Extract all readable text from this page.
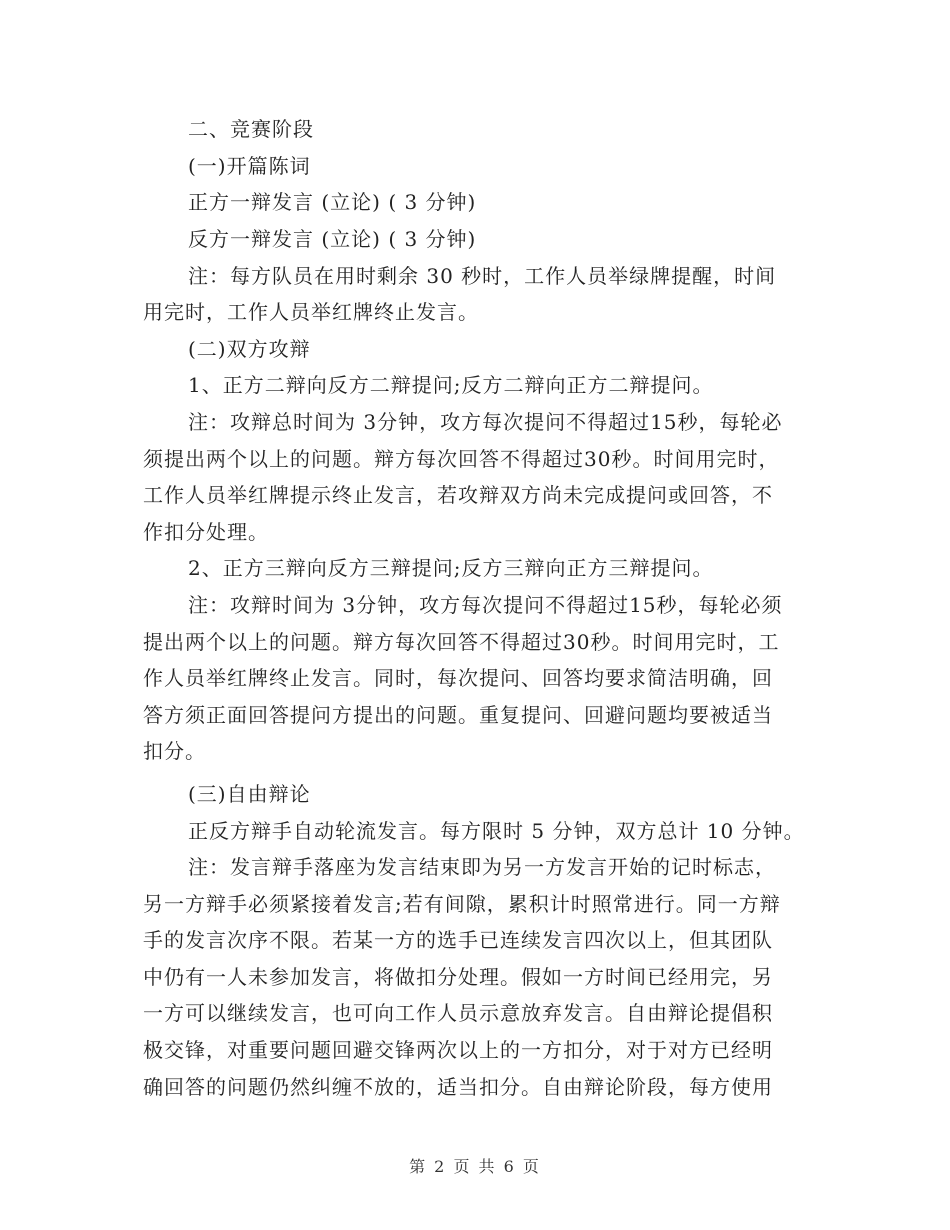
二、竞赛阶段
(一)开篇陈词
正方一辩发言 (立论) ( 3 分钟)
反方一辩发言 (立论) ( 3 分钟)
注：每方队员在用时剩余 30 秒时，工作人员举绿牌提醒，时间
用完时，工作人员举红牌终止发言。
(二)双方攻辩
1、正方二辩向反方二辩提问;反方二辩向正方二辩提问。
注：攻辩总时间为 3分钟，攻方每次提问不得超过15秒，每轮必
须提出两个以上的问题。辩方每次回答不得超过30秒。时间用完时，
工作人员举红牌提示终止发言，若攻辩双方尚未完成提问或回答，不
作扣分处理。
2、正方三辩向反方三辩提问;反方三辩向正方三辩提问。
注：攻辩时间为 3分钟，攻方每次提问不得超过15秒，每轮必须
提出两个以上的问题。辩方每次回答不得超过30秒。时间用完时，工
作人员举红牌终止发言。同时，每次提问、回答均要求简洁明确，回
答方须正面回答提问方提出的问题。重复提问、回避问题均要被适当
扣分。
(三)自由辩论
正反方辩手自动轮流发言。每方限时 5 分钟，双方总计 10 分钟。
注：发言辩手落座为发言结束即为另一方发言开始的记时标志，
另一方辩手必须紧接着发言;若有间隙，累积计时照常进行。同一方辩
手的发言次序不限。若某一方的选手已连续发言四次以上，但其团队
中仍有一人未参加发言，将做扣分处理。假如一方时间已经用完，另
一方可以继续发言，也可向工作人员示意放弃发言。自由辩论提倡积
极交锋，对重要问题回避交锋两次以上的一方扣分，对于对方已经明
确回答的问题仍然纠缠不放的，适当扣分。自由辩论阶段，每方使用
第 2 页 共 6 页
